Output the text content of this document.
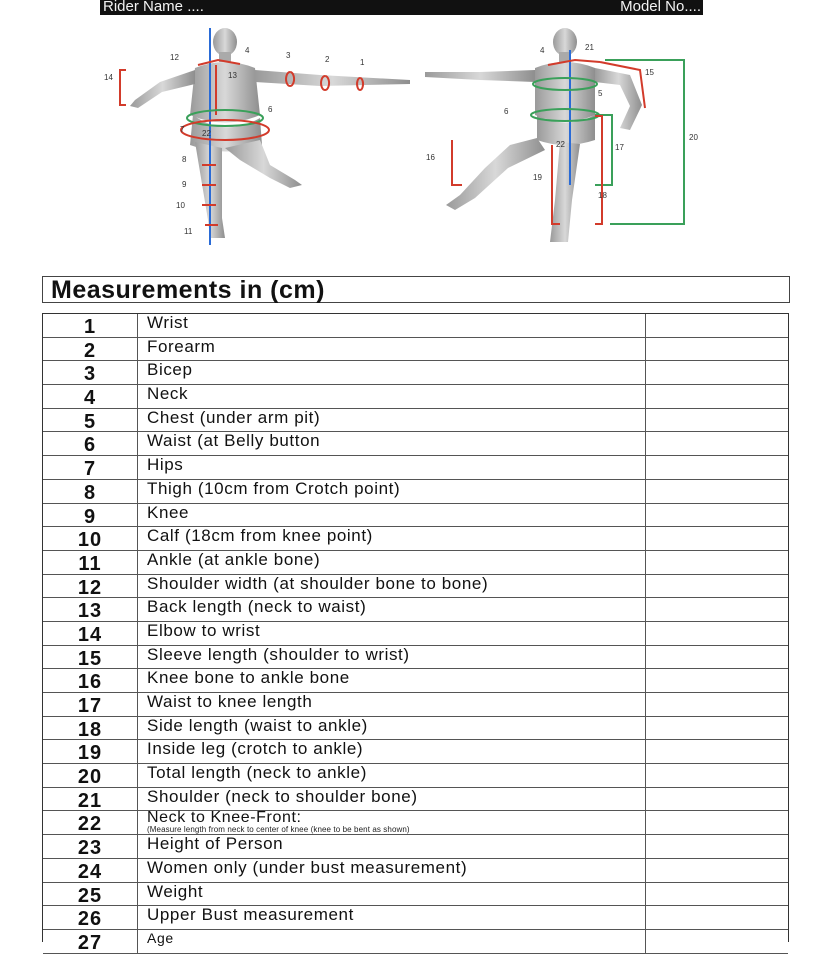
Rider Name ....	Model No....
12
4
3	2	1
14	13
6
7 22
8
9
10
11
4	21
15
5
6
16
22	17
20
19
18
Measurements in (cm)
1	Wrist
2	Forearm
3	Bicep
4	Neck
5	Chest (under arm pit)
6	Waist (at Belly button
7	Hips
8	Thigh (10cm from Crotch point)
9	Knee
10	Calf (18cm from knee point)
11	Ankle (at ankle bone)
12	Shoulder width (at shoulder bone to bone)
13	Back length (neck to waist)
14	Elbow to wrist
15	Sleeve length (shoulder to wrist)
16	Knee bone to ankle bone
17	Waist to knee length
18	Side length (waist to ankle)
19	Inside leg (crotch to ankle)
20	Total length (neck to ankle)
21	Shoulder (neck to shoulder bone)
22	Neck to Knee-Front:
(Measure length from neck to center of knee (knee to be bent as shown)
23	Height of Person
24	Women only (under bust measurement)
25	Weight
26	Upper Bust measurement
27	Age
